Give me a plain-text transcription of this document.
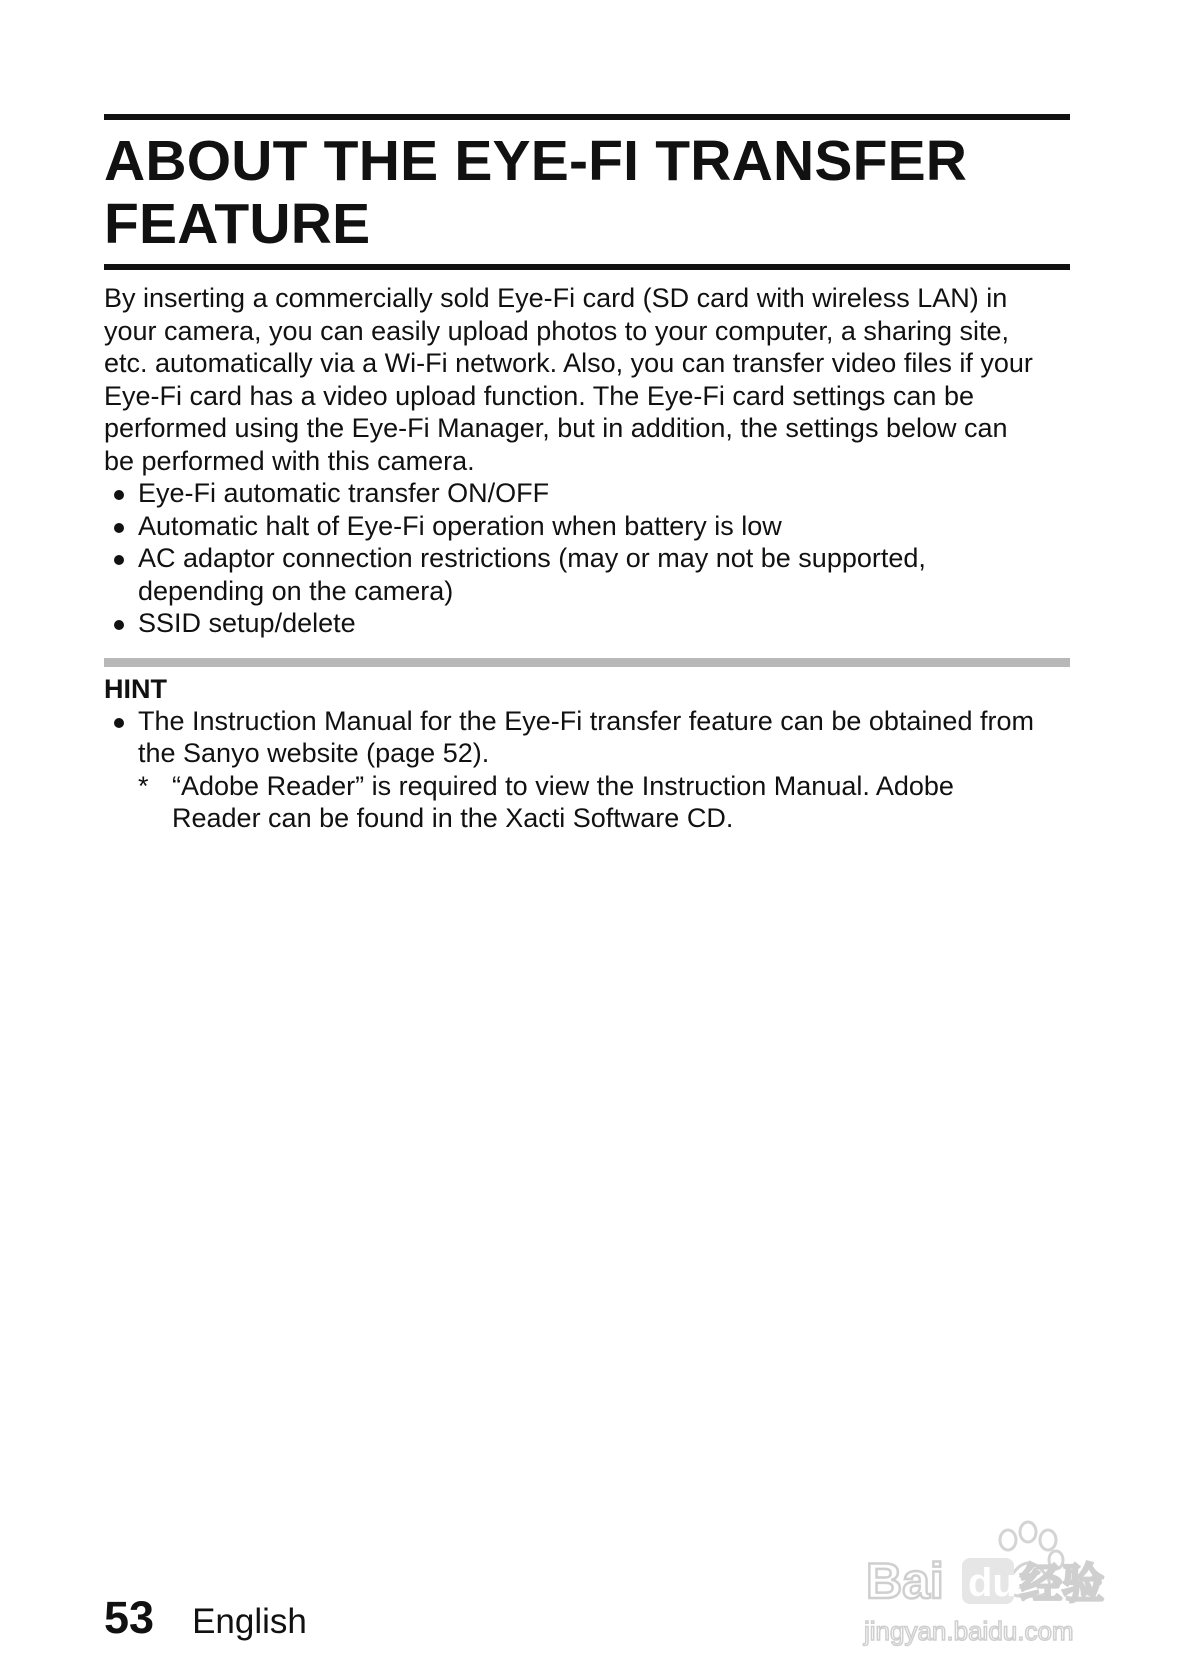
ABOUT THE EYE-FI TRANSFER
FEATURE

By inserting a commercially sold Eye-Fi card (SD card with wireless LAN) in
your camera, you can easily upload photos to your computer, a sharing site,
etc. automatically via a Wi-Fi network. Also, you can transfer video files if your
Eye-Fi card has a video upload function. The Eye-Fi card settings can be
performed using the Eye-Fi Manager, but in addition, the settings below can
be performed with this camera.

Eye-Fi automatic transfer ON/OFF
Automatic halt of Eye-Fi operation when battery is low
AC adaptor connection restrictions (may or may not be supported,
depending on the camera)
SSID setup/delete
HINT
The Instruction Manual for the Eye-Fi transfer feature can be obtained from
the Sanyo website (page 52).
* “Adobe Reader” is required to view the Instruction Manual. Adobe
Reader can be found in the Xacti Software CD.
53 English
Bai du 经验
jingyan.baidu.com
